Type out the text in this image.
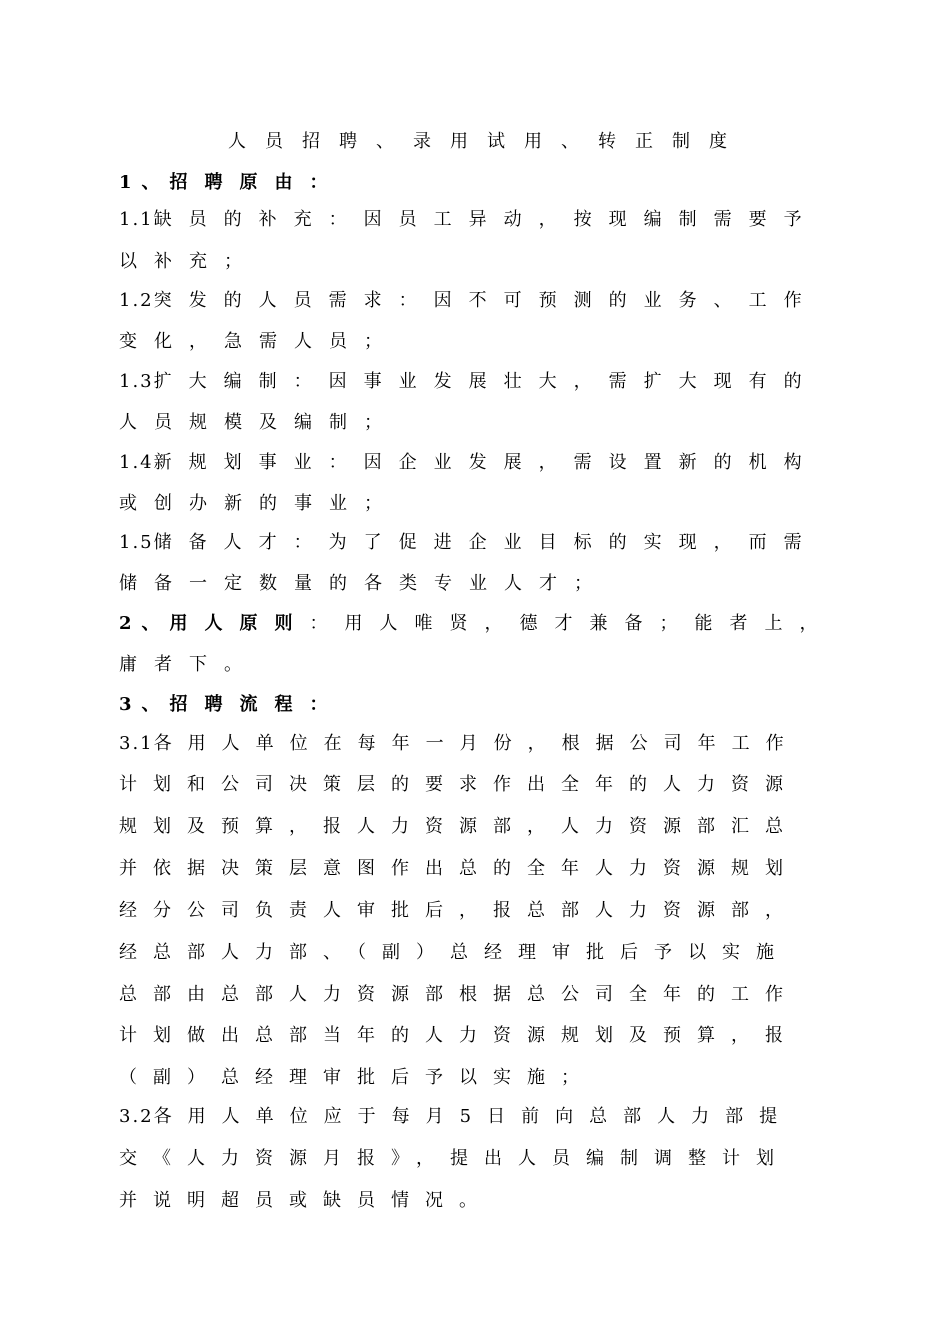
人员招聘、录用试用、转正制度
1、招聘原由：
1.1缺员的补充：因员工异动，按现编制需要予
以补充；
1.2突发的人员需求：因不可预测的业务、工作
变化，急需人员；
1.3扩大编制：因事业发展壮大，需扩大现有的
人员规模及编制；
1.4新规划事业：因企业发展，需设置新的机构
或创办新的事业；
1.5储备人才：为了促进企业目标的实现，而需
储备一定数量的各类专业人才；
2、用人原则：用人唯贤，德才兼备；能者上，
庸者下。
3、招聘流程：
3.1各用人单位在每年一月份，根据公司年工作
计划和公司决策层的要求作出全年的人力资源
规划及预算，报人力资源部，人力资源部汇总
并依据决策层意图作出总的全年人力资源规划
经分公司负责人审批后，报总部人力资源部，
经总部人力部、（副）总经理审批后予以实施
总部由总部人力资源部根据总公司全年的工作
计划做出总部当年的人力资源规划及预算，报
（副）总经理审批后予以实施；
3.2各用人单位应于每月5日前向总部人力部提
交《人力资源月报》，提出人员编制调整计划
并说明超员或缺员情况。
